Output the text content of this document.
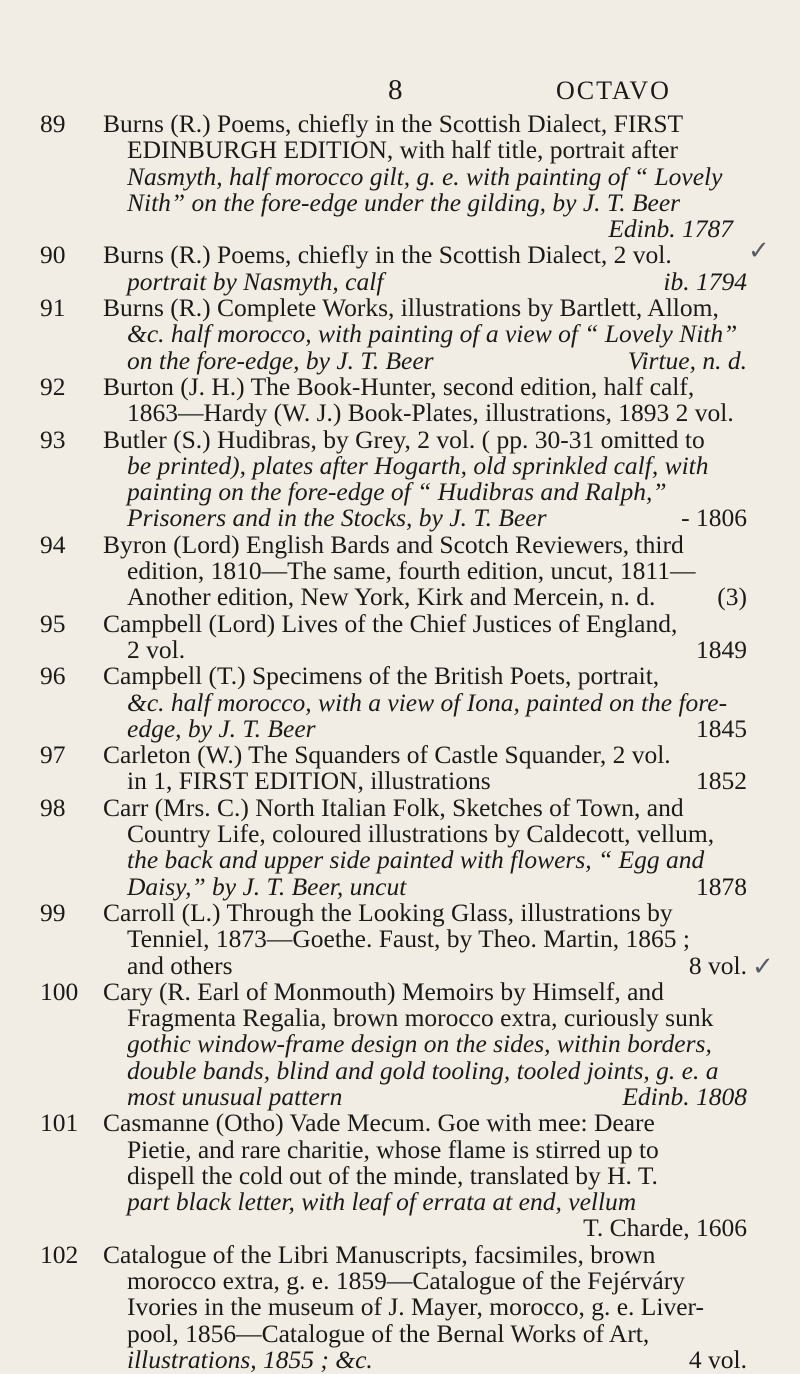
8	OCTAVO
✓
✓
89	Burns (R.) Poems, chiefly in the Scottish Dialect, FIRST
EDINBURGH EDITION, with half title, portrait after
Nasmyth, half morocco gilt, g. e. with painting of “ Lovely
Nith” on the fore-edge under the gilding, by J. T. Beer
Edinb. 1787
90	Burns (R.) Poems, chiefly in the Scottish Dialect, 2 vol.
portrait by Nasmyth, calf	ib. 1794
91	Burns (R.) Complete Works, illustrations by Bartlett, Allom,
&c. half morocco, with painting of a view of “ Lovely Nith”
on the fore-edge, by J. T. Beer	Virtue, n. d.
92	Burton (J. H.) The Book-Hunter, second edition, half calf,
1863—Hardy (W. J.) Book-Plates, illustrations, 1893 2 vol.
93	Butler (S.) Hudibras, by Grey, 2 vol. ( pp. 30-31 omitted to
be printed), plates after Hogarth, old sprinkled calf, with
painting on the fore-edge of “ Hudibras and Ralph,”
Prisoners and in the Stocks, by J. T. Beer	- 1806
94	Byron (Lord) English Bards and Scotch Reviewers, third
edition, 1810—The same, fourth edition, uncut, 1811—
Another edition, New York, Kirk and Mercein, n. d. (3)
95	Campbell (Lord) Lives of the Chief Justices of England,
2 vol.	1849
96	Campbell (T.) Specimens of the British Poets, portrait,
&c. half morocco, with a view of Iona, painted on the fore-
edge, by J. T. Beer	1845
97	Carleton (W.) The Squanders of Castle Squander, 2 vol.
in 1, FIRST EDITION, illustrations	1852
98	Carr (Mrs. C.) North Italian Folk, Sketches of Town, and
Country Life, coloured illustrations by Caldecott, vellum,
the back and upper side painted with flowers, “ Egg and
Daisy,” by J. T. Beer, uncut	1878
99	Carroll (L.) Through the Looking Glass, illustrations by
Tenniel, 1873—Goethe. Faust, by Theo. Martin, 1865 ;
and others	8 vol.
100 Cary (R. Earl of Monmouth) Memoirs by Himself, and
Fragmenta Regalia, brown morocco extra, curiously sunk
gothic window-frame design on the sides, within borders,
double bands, blind and gold tooling, tooled joints, g. e. a
most unusual pattern	Edinb. 1808
101 Casmanne (Otho) Vade Mecum. Goe with mee: Deare
Pietie, and rare charitie, whose flame is stirred up to
dispell the cold out of the minde, translated by H. T.
part black letter, with leaf of errata at end, vellum
T. Charde, 1606
102 Catalogue of the Libri Manuscripts, facsimiles, brown
morocco extra, g. e. 1859—Catalogue of the Fejérváry
Ivories in the museum of J. Mayer, morocco, g. e. Liver-
pool, 1856—Catalogue of the Bernal Works of Art,
illustrations, 1855 ; &c.	4 vol.
